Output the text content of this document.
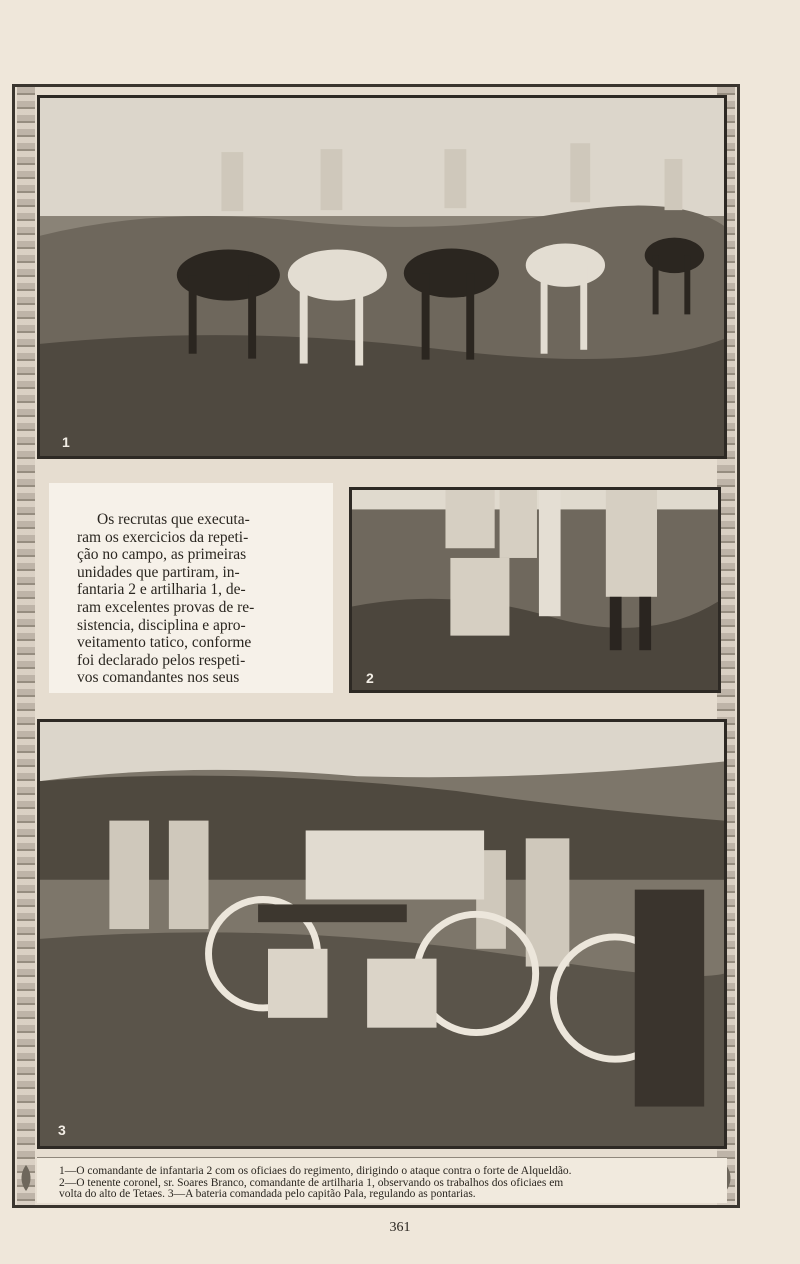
1
Os recrutas que executa-
ram os exercicios da repeti-
ção no campo, as primeiras
unidades que partiram, in-
fantaria 2 e artilharia 1, de-
ram excelentes provas de re-
sistencia, disciplina e apro-
veitamento tatico, conforme
foi declarado pelos respeti-
vos comandantes nos seus	2
3
1—O comandante de infantaria 2 com os oficiaes do regimento, dirigindo o ataque contra o forte de Alqueldão.
2—O tenente coronel, sr. Soares Branco, comandante de artilharia 1, observando os trabalhos dos oficiaes em
volta do alto de Tetaes. 3—A bateria comandada pelo capitão Pala, regulando as pontarias.
361
